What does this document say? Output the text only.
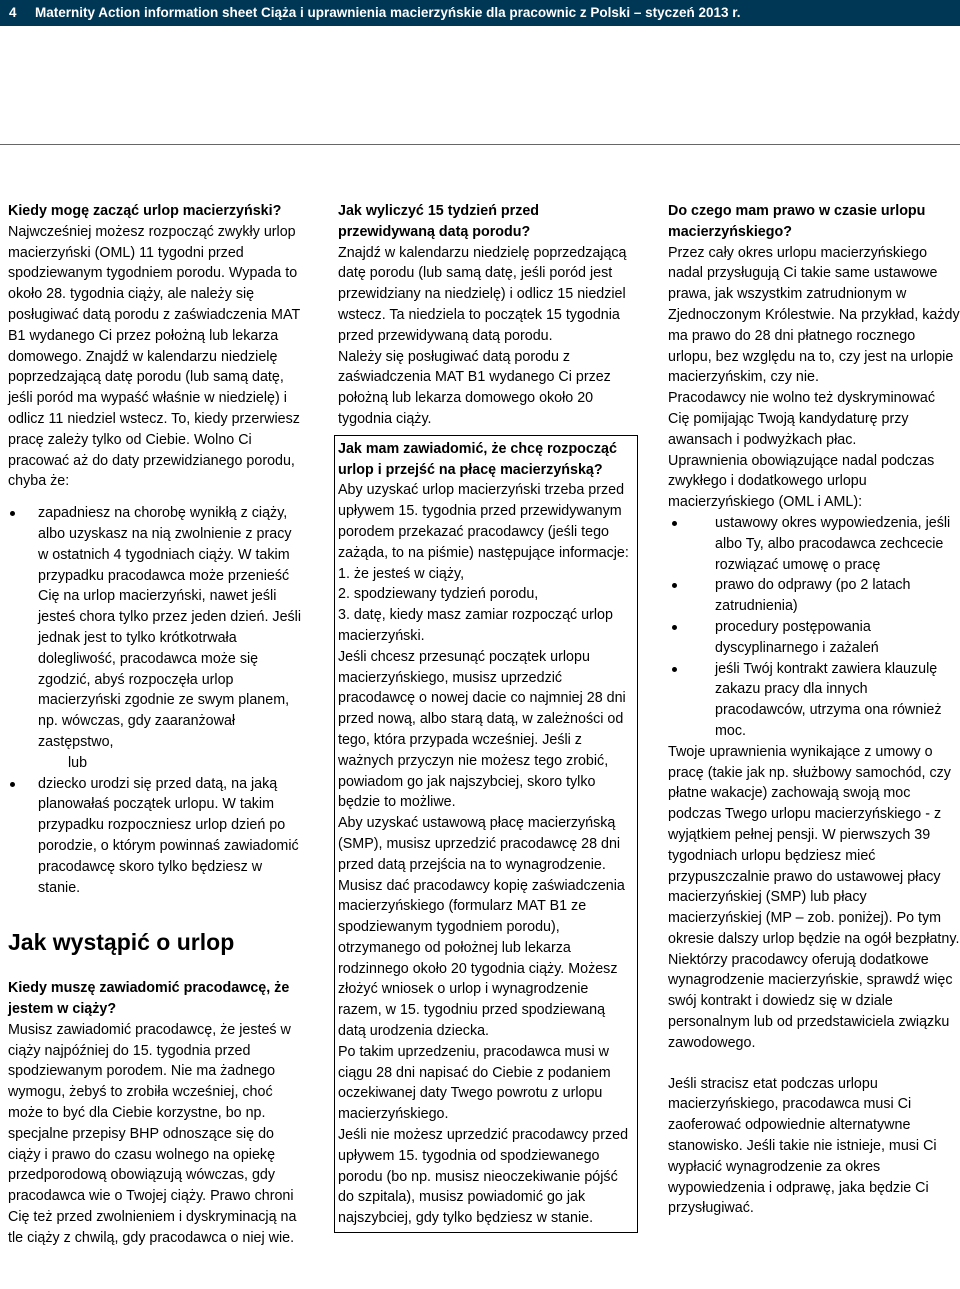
4 Maternity Action information sheet Ciąża i uprawnienia macierzyńskie dla pracownic z Polski – styczeń 2013 r.
Kiedy mogę zacząć urlop macierzyński?

Najwcześniej możesz rozpocząć zwykły urlop macierzyński (OML) 11 tygodni przed spodziewanym tygodniem porodu. Wypada to około 28. tygodnia ciąży, ale należy się posługiwać datą porodu z zaświadczenia MAT B1 wydanego Ci przez położną lub lekarza domowego. Znajdź w kalendarzu niedzielę poprzedzającą datę porodu (lub samą datę, jeśli poród ma wypaść właśnie w niedzielę) i odlicz 11 niedziel wstecz. To, kiedy przerwiesz pracę zależy tylko od Ciebie. Wolno Ci pracować aż do daty przewidzianego porodu, chyba że:

zapadniesz na chorobę wynikłą z ciąży, albo uzyskasz na nią zwolnienie z pracy w ostatnich 4 tygodniach ciąży. W takim przypadku pracodawca może przenieść Cię na urlop macierzyński, nawet jeśli jesteś chora tylko przez jeden dzień. Jeśli jednak jest to tylko krótkotrwała dolegliwość, pracodawca może się zgodzić, abyś rozpoczęła urlop macierzyński zgodnie ze swym planem, np. wówczas, gdy zaaranżował zastępstwo,
lub
dziecko urodzi się przed datą, na jaką planowałaś początek urlopu. W takim przypadku rozpoczniesz urlop dzień po porodzie, o którym powinnaś zawiadomić pracodawcę skoro tylko będziesz w stanie.
Jak wystąpić o urlop
Kiedy muszę zawiadomić pracodawcę, że jestem w ciąży?

Musisz zawiadomić pracodawcę, że jesteś w ciąży najpóźniej do 15. tygodnia przed spodziewanym porodem. Nie ma żadnego wymogu, żebyś to zrobiła wcześniej, choć może to być dla Ciebie korzystne, bo np. specjalne przepisy BHP odnoszące się do ciąży i prawo do czasu wolnego na opiekę przedporodową obowiązują wówczas, gdy pracodawca wie o Twojej ciąży. Prawo chroni Cię też przed zwolnieniem i dyskryminacją na tle ciąży z chwilą, gdy pracodawca o niej wie.

Jak wyliczyć 15 tydzień przed przewidywaną datą porodu?

Znajdź w kalendarzu niedzielę poprzedzającą datę porodu (lub samą datę, jeśli poród jest przewidziany na niedzielę) i odlicz 15 niedziel wstecz. Ta niedziela to początek 15 tygodnia przed przewidywaną datą porodu.

Należy się posługiwać datą porodu z zaświadczenia MAT B1 wydanego Ci przez położną lub lekarza domowego około 20 tygodnia ciąży.

Jak mam zawiadomić, że chcę rozpocząć urlop i przejść na płacę macierzyńską?

Aby uzyskać urlop macierzyński trzeba przed upływem 15. tygodnia przed przewidywanym porodem przekazać pracodawcy (jeśli tego zażąda, to na piśmie) następujące informacje:

1. że jesteś w ciąży,

2. spodziewany tydzień porodu,

3. datę, kiedy masz zamiar rozpocząć urlop macierzyński.

Jeśli chcesz przesunąć początek urlopu macierzyńskiego, musisz uprzedzić pracodawcę o nowej dacie co najmniej 28 dni przed nową, albo starą datą, w zależności od tego, która przypada wcześniej. Jeśli z ważnych przyczyn nie możesz tego zrobić, powiadom go jak najszybciej, skoro tylko będzie to możliwe.

Aby uzyskać ustawową płacę macierzyńską (SMP), musisz uprzedzić pracodawcę 28 dni przed datą przejścia na to wynagrodzenie. Musisz dać pracodawcy kopię zaświadczenia macierzyńskiego (formularz MAT B1 ze spodziewanym tygodniem porodu), otrzymanego od położnej lub lekarza rodzinnego około 20 tygodnia ciąży. Możesz złożyć wniosek o urlop i wynagrodzenie razem, w 15. tygodniu przed spodziewaną datą urodzenia dziecka.

Po takim uprzedzeniu, pracodawca musi w ciągu 28 dni napisać do Ciebie z podaniem oczekiwanej daty Twego powrotu z urlopu macierzyńskiego.

Jeśli nie możesz uprzedzić pracodawcy przed upływem 15. tygodnia od spodziewanego porodu (bo np. musisz nieoczekiwanie pójść do szpitala), musisz powiadomić go jak najszybciej, gdy tylko będziesz w stanie.

Do czego mam prawo w czasie urlopu macierzyńskiego?

Przez cały okres urlopu macierzyńskiego nadal przysługują Ci takie same ustawowe prawa, jak wszystkim zatrudnionym w Zjednoczonym Królestwie. Na przykład, każdy ma prawo do 28 dni płatnego rocznego urlopu, bez względu na to, czy jest na urlopie macierzyńskim, czy nie.

Pracodawcy nie wolno też dyskryminować Cię pomijając Twoją kandydaturę przy awansach i podwyżkach płac.

Uprawnienia obowiązujące nadal podczas zwykłego i dodatkowego urlopu macierzyńskiego (OML i AML):

ustawowy okres wypowiedzenia, jeśli albo Ty, albo pracodawca zechcecie rozwiązać umowę o pracę
prawo do odprawy (po 2 latach zatrudnienia)
procedury postępowania dyscyplinarnego i zażaleń
jeśli Twój kontrakt zawiera klauzulę zakazu pracy dla innych pracodawców, utrzyma ona również moc.

Twoje uprawnienia wynikające z umowy o pracę (takie jak np. służbowy samochód, czy płatne wakacje) zachowają swoją moc podczas Twego urlopu macierzyńskiego - z wyjątkiem pełnej pensji. W pierwszych 39 tygodniach urlopu będziesz mieć przypuszczalnie prawo do ustawowej płacy macierzyńskiej (SMP) lub płacy macierzyńskiej (MP – zob. poniżej). Po tym okresie dalszy urlop będzie na ogół bezpłatny. Niektórzy pracodawcy oferują dodatkowe wynagrodzenie macierzyńskie, sprawdź więc swój kontrakt i dowiedz się w dziale personalnym lub od przedstawiciela związku zawodowego.

Jeśli stracisz etat podczas urlopu macierzyńskiego, pracodawca musi Ci zaoferować odpowiednie alternatywne stanowisko. Jeśli takie nie istnieje, musi Ci wypłacić wynagrodzenie za okres wypowiedzenia i odprawę, jaka będzie Ci przysługiwać.
